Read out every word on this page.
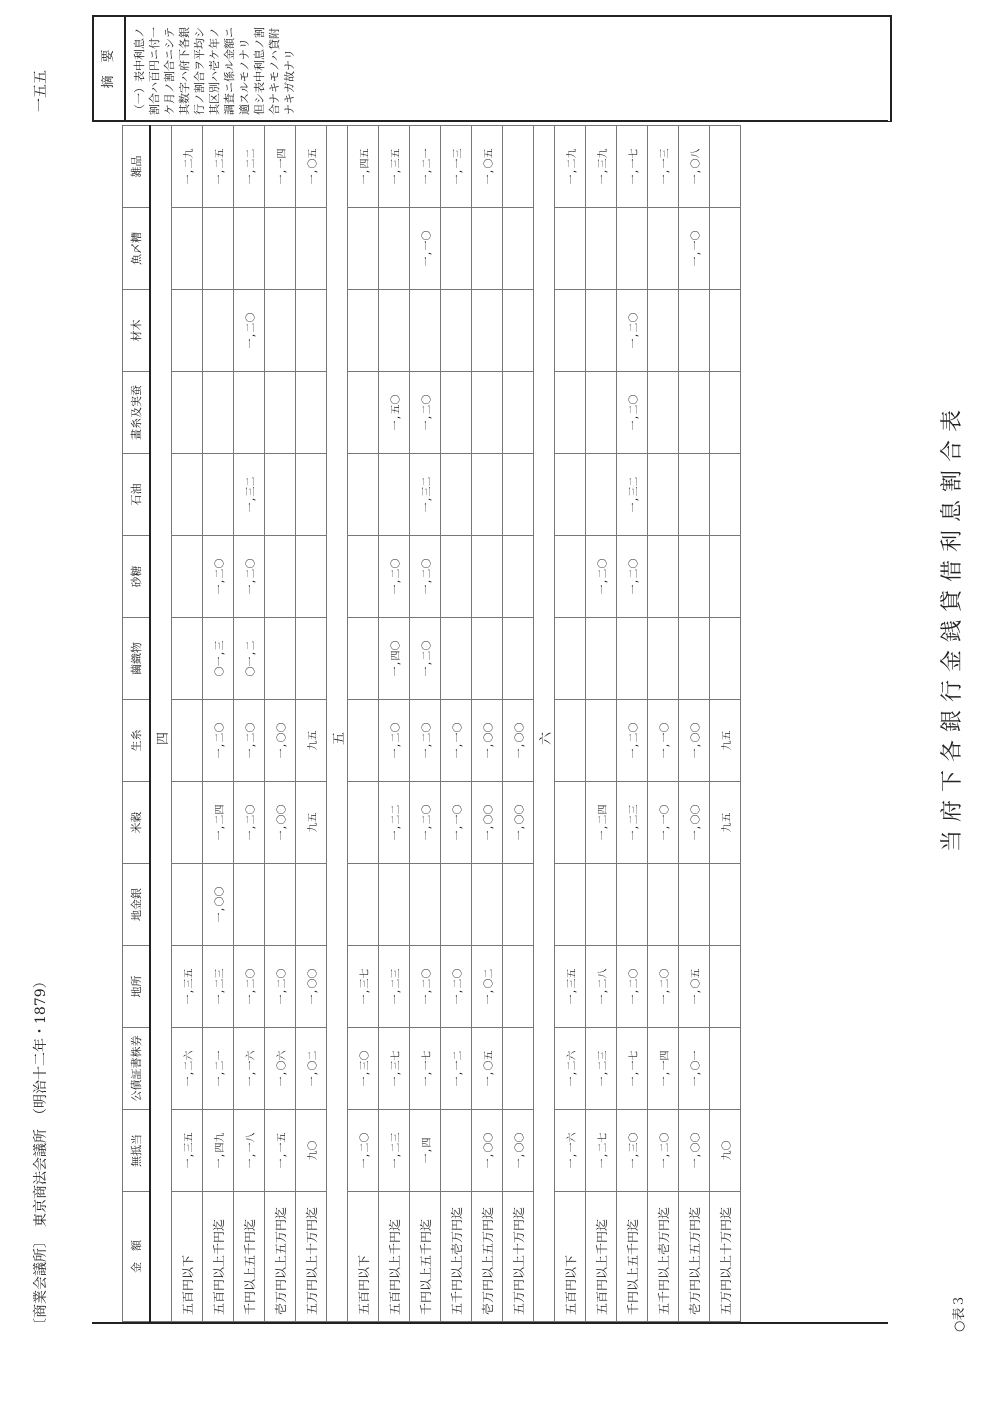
○表３
当府下各銀行金銭貸借利息割合表
金　額	無抵当	公債証書株券	地所	地金銀	米穀	生糸	繭織物	砂糖	石油	畫糸及実蚕	材木	魚〆糟	雑品
四													
五百円以下	一,三五	一,二六	一,三五										一,二九
五百円以上千円迄	一,四九	一,二一	一,二三	一,〇〇	一,二四	一,二〇	〇一,三	一,二〇					一,二五
千円以上五千円迄	一,一八	一,一六	一,二〇		一,二〇	一,二〇	〇一,二	一,二〇	一,三二		一,二〇		一,二二
壱万円以上五万円迄	一,一五	一,〇六	一,二〇		一,〇〇	一,〇〇							一,一四
五万円以上十万円迄	九〇	一,〇二	一,〇〇		九五	九五							一,〇五
五													
五百円以下	一,二〇	一,三〇	一,三七										一,四五
五百円以上千円迄	一,二三	一,三七	一,二三		一,二二	一,二〇	一,四〇	一,二〇		一,五〇			一,三五
千円以上五千円迄	一,四	一,一七	一,二〇		一,二〇	一,二〇	一,二〇	一,二〇	一,三二	一,二〇		一,一〇	一,二一
五千円以上壱万円迄		一,一二	一,二〇		一,一〇	一,一〇							一,一三
壱万円以上五万円迄	一,〇〇	一,〇五	一,〇二		一,〇〇	一,〇〇							一,〇五
五万円以上十万円迄	一,〇〇				一,〇〇	一,〇〇							
六													
五百円以下	一,一六	一,二六	一,三五										一,二九
五百円以上千円迄	一,二七	一,二三	一,二八		一,二四			一,二〇					一,三九
千円以上五千円迄	一,三〇	一,一七	一,二〇		一,二三	一,二〇		一,二〇	一,三二	一,二〇	一,二〇		一,一七
五千円以上壱万円迄	一,二〇	一,一四	一,二〇		一,一〇	一,一〇							一,一三
壱万円以上五万円迄	一,〇〇	一,〇一	一,〇五		一,〇〇	一,〇〇						一,一〇	一,〇八
五万円以上十万円迄	九〇				九五	九五							
摘　要	（一）表中利息ノ割合ハ百円ニ付一ケ月ノ割合ニシテ其数字ハ府下各銀行ノ割合ヲ平均シ其区別ハ壱ケ年ノ調査ニ係ル金額ニ適スルモノナリ　但シ表中利息ノ割合ナキモノハ貸附ナキガ故ナリ
〔商業会議所〕　東京商法会議所　（明治十二年・1879）
一五五
